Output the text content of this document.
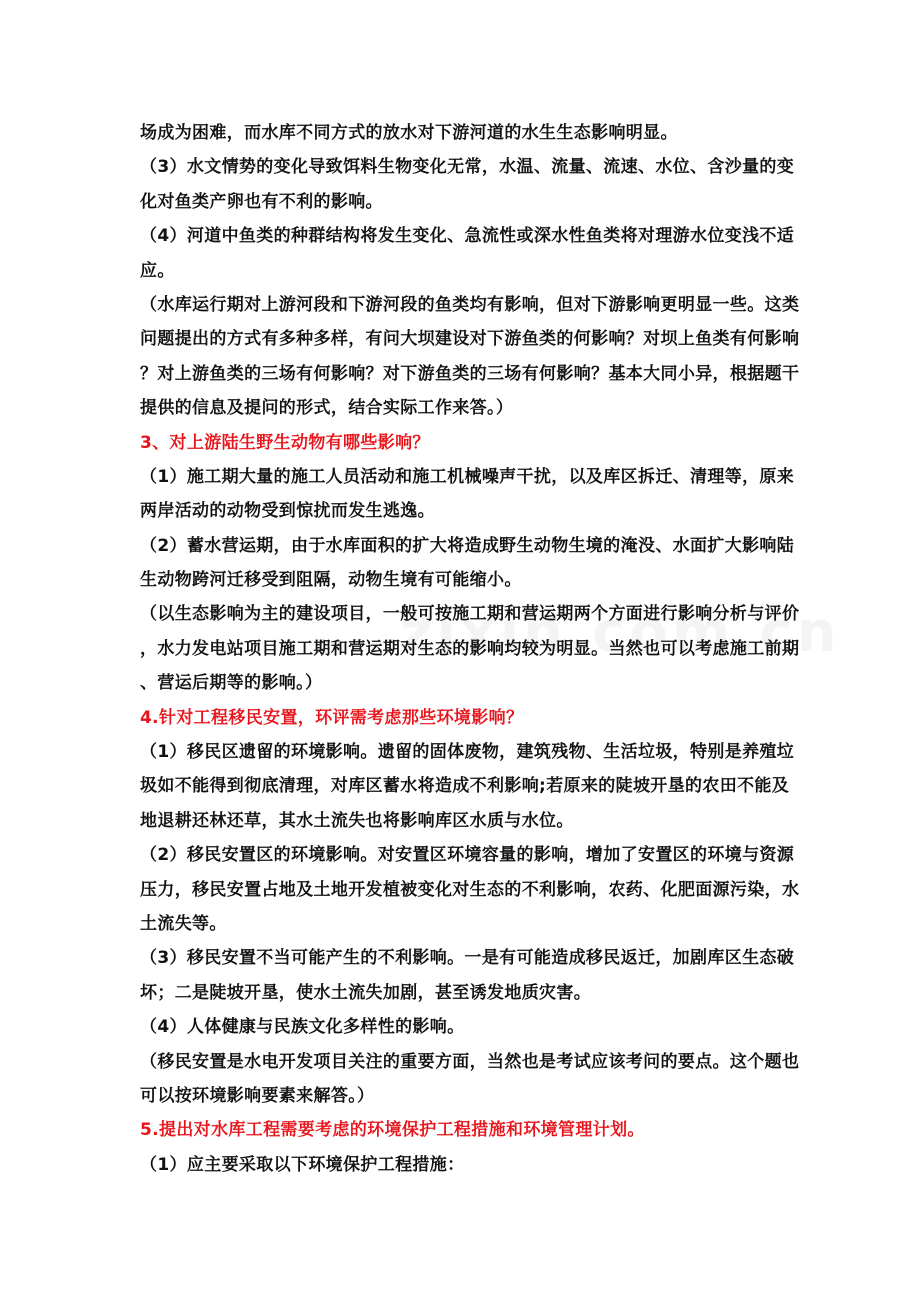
场成为困难，而水库不同方式的放水对下游河道的水生生态影响明显。
（3）水文情势的变化导致饵料生物变化无常，水温、流量、流速、水位、含沙量的变
化对鱼类产卵也有不利的影响。
（4）河道中鱼类的种群结构将发生变化、急流性或深水性鱼类将对理游水位变浅不适
应。
（水库运行期对上游河段和下游河段的鱼类均有影响，但对下游影响更明显一些。这类
问题提出的方式有多种多样，有问大坝建设对下游鱼类的何影响？对坝上鱼类有何影响
？对上游鱼类的三场有何影响？对下游鱼类的三场有何影响？基本大同小异，根据题干
提供的信息及提问的形式，结合实际工作来答。）
3、对上游陆生野生动物有哪些影响？
（1）施工期大量的施工人员活动和施工机械噪声干扰，以及库区拆迁、清理等，原来
两岸活动的动物受到惊扰而发生逃逸。
（2）蓄水营运期，由于水库面积的扩大将造成野生动物生境的淹没、水面扩大影响陆
生动物跨河迁移受到阻隔，动物生境有可能缩小。
（以生态影响为主的建设项目，一般可按施工期和营运期两个方面进行影响分析与评价
，水力发电站项目施工期和营运期对生态的影响均较为明显。当然也可以考虑施工前期
、营运后期等的影响。）
4.针对工程移民安置，环评需考虑那些环境影响？
（1）移民区遗留的环境影响。遗留的固体废物，建筑残物、生活垃圾，特别是养殖垃
圾如不能得到彻底清理，对库区蓄水将造成不利影响;若原来的陡坡开垦的农田不能及
地退耕还林还草，其水土流失也将影响库区水质与水位。
（2）移民安置区的环境影响。对安置区环境容量的影响，增加了安置区的环境与资源
压力，移民安置占地及土地开发植被变化对生态的不利影响，农药、化肥面源污染，水
土流失等。
（3）移民安置不当可能产生的不利影响。一是有可能造成移民返迁，加剧库区生态破
坏；二是陡坡开垦，使水土流失加剧，甚至诱发地质灾害。
（4）人体健康与民族文化多样性的影响。
（移民安置是水电开发项目关注的重要方面，当然也是考试应该考问的要点。这个题也
可以按环境影响要素来解答。）
5.提出对水库工程需要考虑的环境保护工程措施和环境管理计划。
（1）应主要采取以下环境保护工程措施：
